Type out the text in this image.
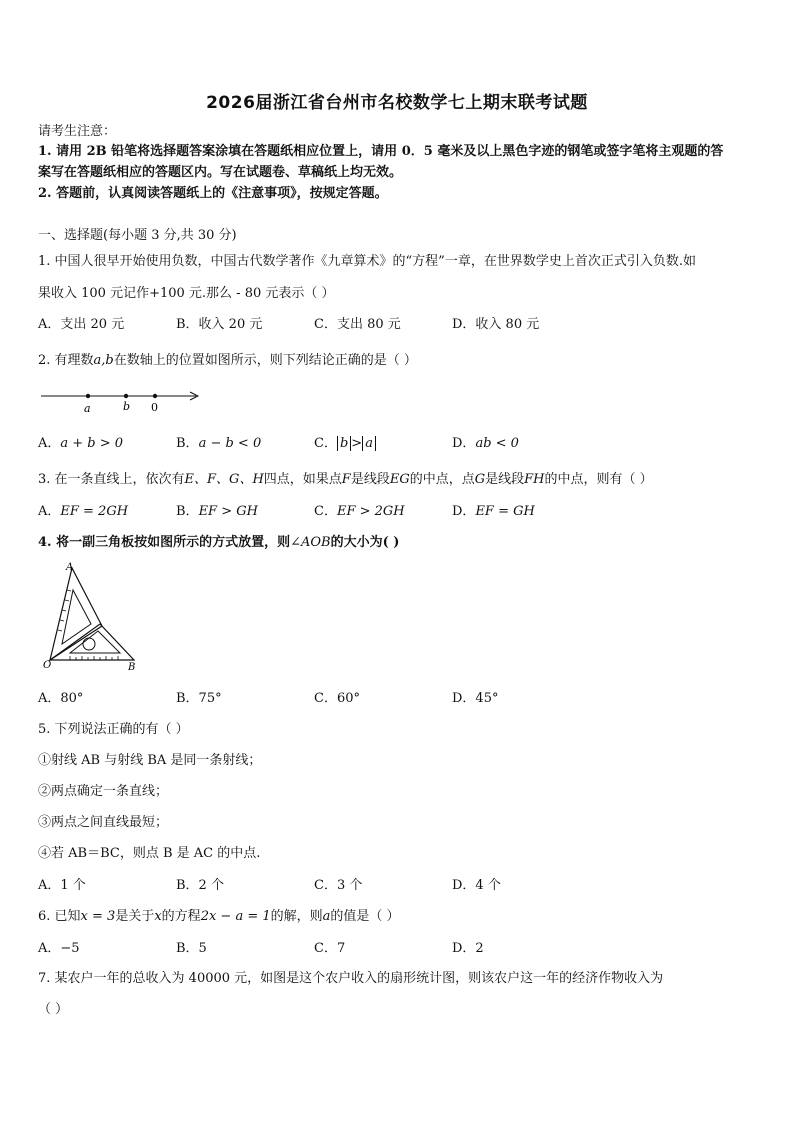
2026届浙江省台州市名校数学七上期末联考试题
请考生注意：
1. 请用 2B 铅笔将选择题答案涂填在答题纸相应位置上，请用 0．5 毫米及以上黑色字迹的钢笔或签字笔将主观题的答
案写在答题纸相应的答题区内。写在试题卷、草稿纸上均无效。
2. 答题前，认真阅读答题纸上的《注意事项》，按规定答题。
一、选择题(每小题 3 分,共 30 分)
1. 中国人很早开始使用负数，中国古代数学著作《九章算术》的“方程”一章，在世界数学史上首次正式引入负数.如
果收入 100 元记作+100 元.那么 - 80 元表示（ ）
A．支出 20 元	B．收入 20 元	C．支出 80 元	D．收入 80 元
2. 有理数a,b在数轴上的位置如图所示，则下列结论正确的是（ ）
a	b 0
A．a + b > 0	B．a − b < 0	C． b > a	D．ab < 0
3. 在一条直线上，依次有E、F、G、H四点，如果点F是线段EG的中点，点G是线段FH的中点，则有（ ）
A．EF = 2GH	B．EF > GH	C．EF > 2GH	D．EF = GH
4. 将一副三角板按如图所示的方式放置，则∠AOB的大小为( )
A
O	B
A．80°	B．75°	C．60°	D．45°
5. 下列说法正确的有（ ）
①射线 AB 与射线 BA 是同一条射线；
②两点确定一条直线；
③两点之间直线最短；
④若 AB＝BC，则点 B 是 AC 的中点.
A．1 个	B．2 个	C．3 个	D．4 个
6. 已知x = 3是关于x的方程2x − a = 1的解，则a的值是（ ）
A．−5	B．5	C．7	D．2
7. 某农户一年的总收入为 40000 元，如图是这个农户收入的扇形统计图，则该农户这一年的经济作物收入为
（ ）
